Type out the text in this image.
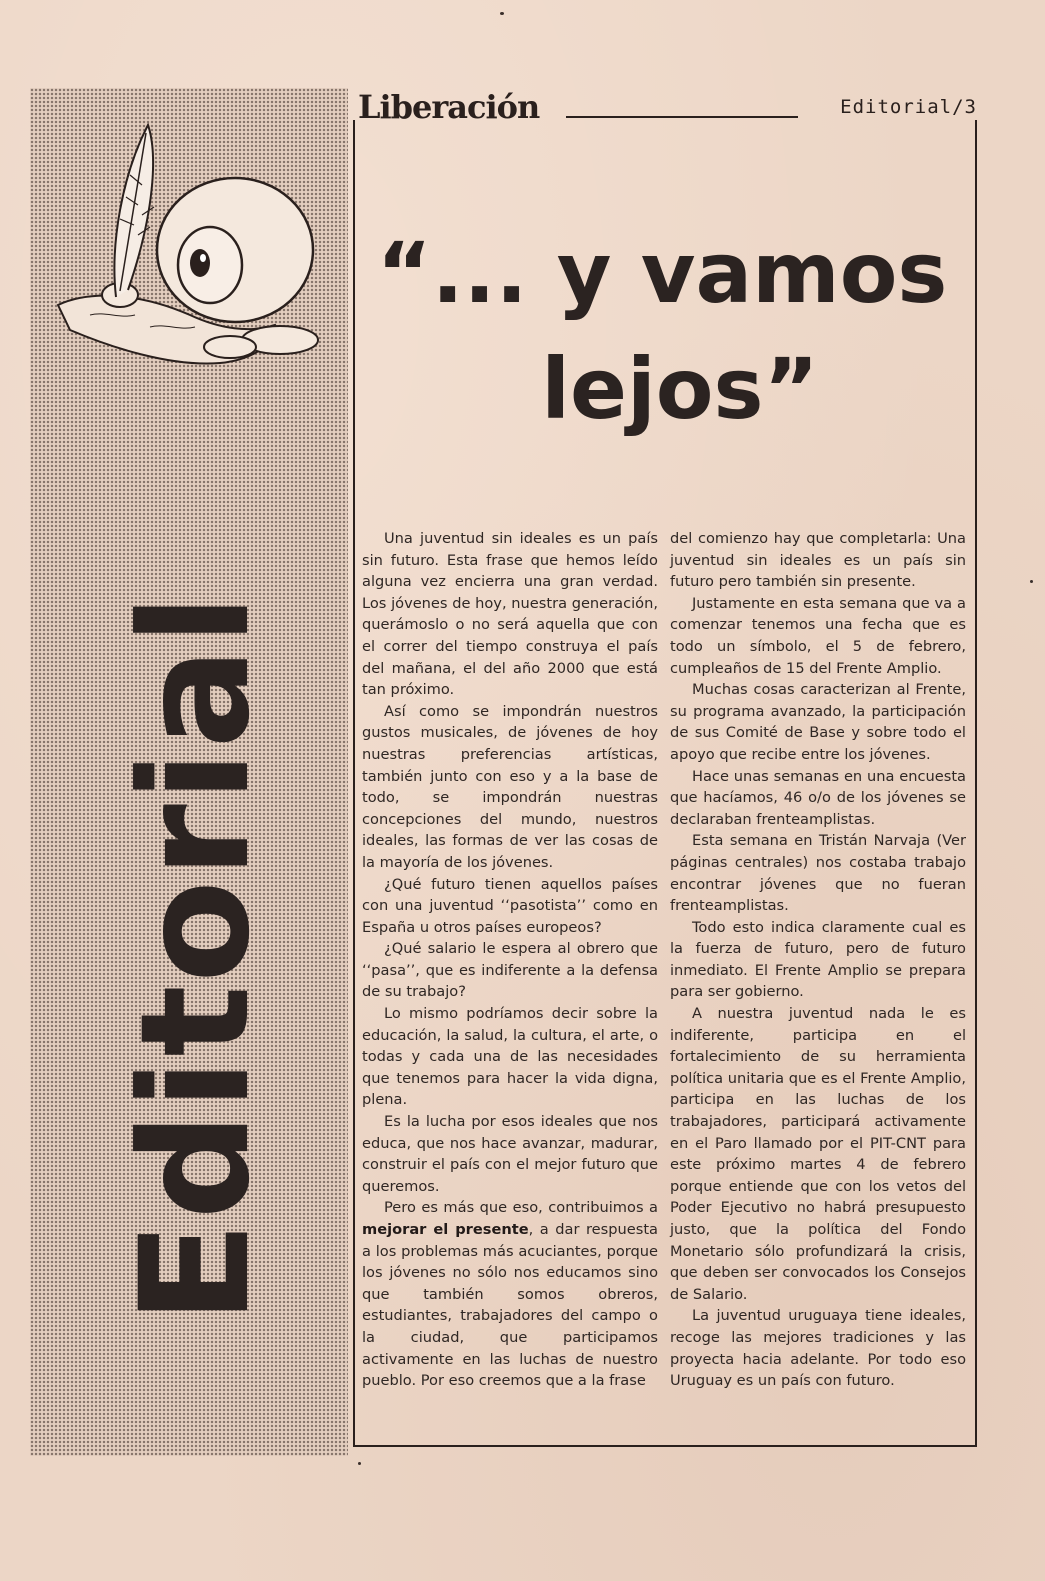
Editorial
Liberación	Editorial/3
“... y vamos
lejos”

Una juventud sin ideales es un país sin futuro. Esta frase que hemos leído alguna vez encierra una gran verdad. Los jóvenes de hoy, nuestra generación, querámoslo o no será aquella que con el correr del tiempo construya el país del mañana, el del año 2000 que está tan próximo.

Así como se impondrán nuestros gustos musicales, de jóvenes de hoy nuestras preferencias artísticas, también junto con eso y a la base de todo, se impondrán nuestras concepciones del mundo, nuestros ideales, las formas de ver las cosas de la mayoría de los jóvenes.

¿Qué futuro tienen aquellos países con una juventud ‘‘pasotista’’ como en España u otros países europeos?

¿Qué salario le espera al obrero que ‘‘pasa’’, que es indiferente a la defensa de su trabajo?

Lo mismo podríamos decir sobre la educación, la salud, la cultura, el arte, o todas y cada una de las necesidades que tenemos para hacer la vida digna, plena.

Es la lucha por esos ideales que nos educa, que nos hace avanzar, madurar, construir el país con el mejor futuro que queremos.

Pero es más que eso, contribuimos a mejorar el presente, a dar respuesta a los problemas más acuciantes, porque los jóvenes no sólo nos educamos sino que también somos obreros, estudiantes, trabajadores del campo o la ciudad, que participamos activamente en las luchas de nuestro pueblo. Por eso creemos que a la frase

del comienzo hay que completarla: Una juventud sin ideales es un país sin futuro pero también sin presente.

Justamente en esta semana que va a comenzar tenemos una fecha que es todo un símbolo, el 5 de febrero, cumpleaños de 15 del Frente Amplio.

Muchas cosas caracterizan al Frente, su programa avanzado, la participación de sus Comité de Base y sobre todo el apoyo que recibe entre los jóvenes.

Hace unas semanas en una encuesta que hacíamos, 46 o/o de los jóvenes se declaraban frenteamplistas.

Esta semana en Tristán Narvaja (Ver páginas centrales) nos costaba trabajo encontrar jóvenes que no fueran frenteamplistas.

Todo esto indica claramente cual es la fuerza de futuro, pero de futuro inmediato. El Frente Amplio se prepara para ser gobierno.

A nuestra juventud nada le es indiferente, participa en el fortalecimiento de su herramienta política unitaria que es el Frente Amplio, participa en las luchas de los trabajadores, participará activamente en el Paro llamado por el PIT-CNT para este próximo martes 4 de febrero porque entiende que con los vetos del Poder Ejecutivo no habrá presupuesto justo, que la política del Fondo Monetario sólo profundizará la crisis, que deben ser convocados los Consejos de Salario.

La juventud uruguaya tiene ideales, recoge las mejores tradiciones y las proyecta hacia adelante. Por todo eso Uruguay es un país con futuro.
